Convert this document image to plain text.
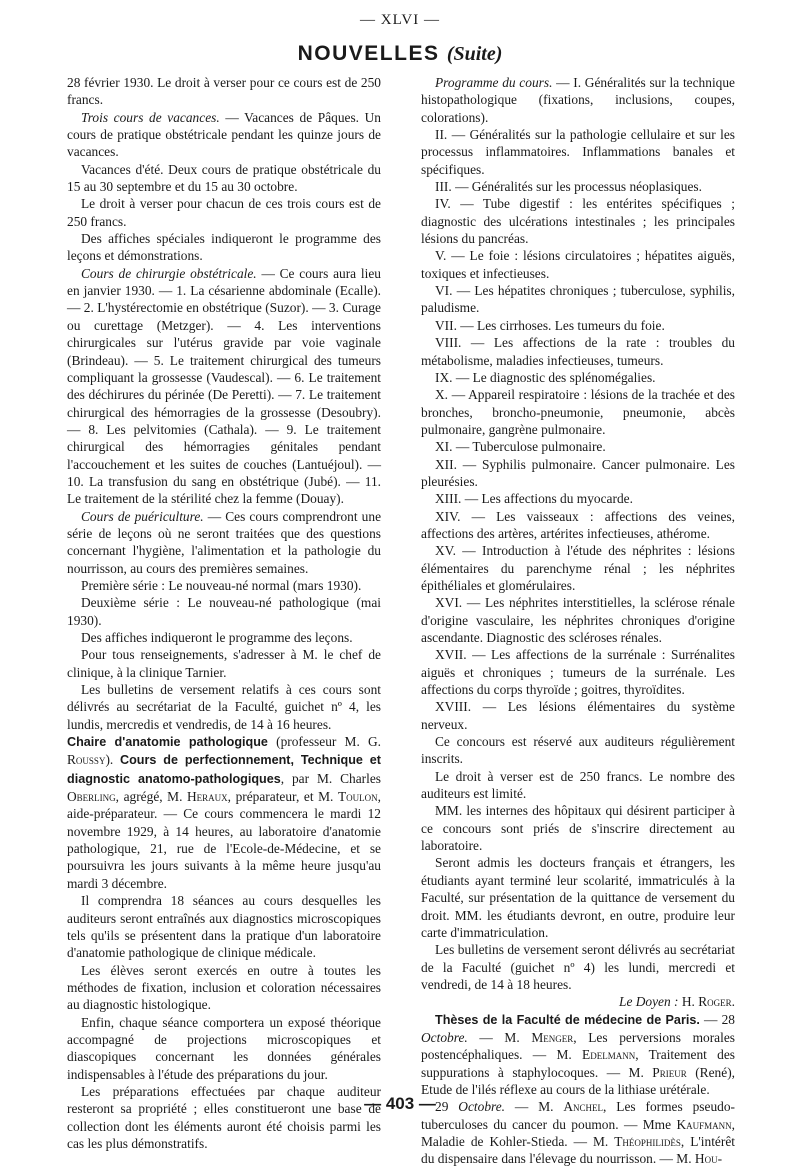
— XLVI —
NOUVELLES (Suite)

28 février 1930. Le droit à verser pour ce cours est de 250 francs.

Trois cours de vacances. — Vacances de Pâques. Un cours de pratique obstétricale pendant les quinze jours de vacances.

Vacances d'été. Deux cours de pratique obstétricale du 15 au 30 septembre et du 15 au 30 octobre.

Le droit à verser pour chacun de ces trois cours est de 250 francs.

Des affiches spéciales indiqueront le programme des leçons et démonstrations.

Cours de chirurgie obstétricale. — Ce cours aura lieu en janvier 1930. — 1. La césarienne abdominale (Ecalle). — 2. L'hystérectomie en obstétrique (Suzor). — 3. Curage ou curettage (Metzger). — 4. Les interventions chirurgicales sur l'utérus gravide par voie vaginale (Brindeau). — 5. Le traitement chirurgical des tumeurs compliquant la grossesse (Vaudescal). — 6. Le traitement des déchirures du périnée (De Peretti). — 7. Le traitement chirurgical des hémorragies de la grossesse (Desoubry). — 8. Les pelvitomies (Cathala). — 9. Le traitement chirurgical des hémorragies génitales pendant l'accouchement et les suites de couches (Lantuéjoul). — 10. La transfusion du sang en obstétrique (Jubé). — 11. Le traitement de la stérilité chez la femme (Douay).

Cours de puériculture. — Ces cours comprendront une série de leçons où ne seront traitées que des questions concernant l'hygiène, l'alimentation et la pathologie du nourrisson, au cours des premières semaines.

Première série : Le nouveau-né normal (mars 1930).

Deuxième série : Le nouveau-né pathologique (mai 1930).

Des affiches indiqueront le programme des leçons.

Pour tous renseignements, s'adresser à M. le chef de clinique, à la clinique Tarnier.

Les bulletins de versement relatifs à ces cours sont délivrés au secrétariat de la Faculté, guichet nº 4, les lundis, mercredis et vendredis, de 14 à 16 heures.

Chaire d'anatomie pathologique (professeur M. G. Roussy). Cours de perfectionnement, Technique et diagnostic anatomo-pathologiques, par M. Charles Oberling, agrégé, M. Heraux, préparateur, et M. Toulon, aide-préparateur. — Ce cours commencera le mardi 12 novembre 1929, à 14 heures, au laboratoire d'anatomie pathologique, 21, rue de l'Ecole-de-Médecine, et se poursuivra les jours suivants à la même heure jusqu'au mardi 3 décembre.

Il comprendra 18 séances au cours desquelles les auditeurs seront entraînés aux diagnostics microscopiques tels qu'ils se présentent dans la pratique d'un laboratoire d'anatomie pathologique de clinique médicale.

Les élèves seront exercés en outre à toutes les méthodes de fixation, inclusion et coloration nécessaires au diagnostic histologique.

Enfin, chaque séance comportera un exposé théorique accompagné de projections microscopiques et diascopiques concernant les données générales indispensables à l'étude des préparations du jour.

Les préparations effectuées par chaque auditeur resteront sa propriété ; elles constitueront une base de collection dont les éléments auront été choisis parmi les cas les plus démonstratifs.

Programme du cours. — I. Généralités sur la technique histopathologique (fixations, inclusions, coupes, colorations).

II. — Généralités sur la pathologie cellulaire et sur les processus inflammatoires. Inflammations banales et spécifiques.

III. — Généralités sur les processus néoplasiques.

IV. — Tube digestif : les entérites spécifiques ; diagnostic des ulcérations intestinales ; les principales lésions du pancréas.

V. — Le foie : lésions circulatoires ; hépatites aiguës, toxiques et infectieuses.

VI. — Les hépatites chroniques ; tuberculose, syphilis, paludisme.

VII. — Les cirrhoses. Les tumeurs du foie.

VIII. — Les affections de la rate : troubles du métabolisme, maladies infectieuses, tumeurs.

IX. — Le diagnostic des splénomégalies.

X. — Appareil respiratoire : lésions de la trachée et des bronches, broncho-pneumonie, pneumonie, abcès pulmonaire, gangrène pulmonaire.

XI. — Tuberculose pulmonaire.

XII. — Syphilis pulmonaire. Cancer pulmonaire. Les pleurésies.

XIII. — Les affections du myocarde.

XIV. — Les vaisseaux : affections des veines, affections des artères, artérites infectieuses, athérome.

XV. — Introduction à l'étude des néphrites : lésions élémentaires du parenchyme rénal ; les néphrites épithéliales et glomérulaires.

XVI. — Les néphrites interstitielles, la sclérose rénale d'origine vasculaire, les néphrites chroniques d'origine ascendante. Diagnostic des scléroses rénales.

XVII. — Les affections de la surrénale : Surrénalites aiguës et chroniques ; tumeurs de la surrénale. Les affections du corps thyroïde ; goitres, thyroïdites.

XVIII. — Les lésions élémentaires du système nerveux.

Ce concours est réservé aux auditeurs régulièrement inscrits.

Le droit à verser est de 250 francs. Le nombre des auditeurs est limité.

MM. les internes des hôpitaux qui désirent participer à ce concours sont priés de s'inscrire directement au laboratoire.

Seront admis les docteurs français et étrangers, les étudiants ayant terminé leur scolarité, immatriculés à la Faculté, sur présentation de la quittance de versement du droit. MM. les étudiants devront, en outre, produire leur carte d'immatriculation.

Les bulletins de versement seront délivrés au secrétariat de la Faculté (guichet nº 4) les lundi, mercredi et vendredi, de 14 à 18 heures.

Le Doyen : H. Roger.

Thèses de la Faculté de médecine de Paris. — 28 Octobre. — M. Menger, Les perversions morales postencéphaliques. — M. Edelmann, Traitement des suppurations à staphylocoques. — M. Prieur (René), Etude de l'ilés réflexe au cours de la lithiase urétérale.

29 Octobre. — M. Anchel, Les formes pseudo-tuberculoses du cancer du poumon. — Mme Kaufmann, Maladie de Kohler-Stieda. — M. Théophilidès, L'intérêt du dispensaire dans l'élevage du nourrisson. — M. Hou-

— 403 —
